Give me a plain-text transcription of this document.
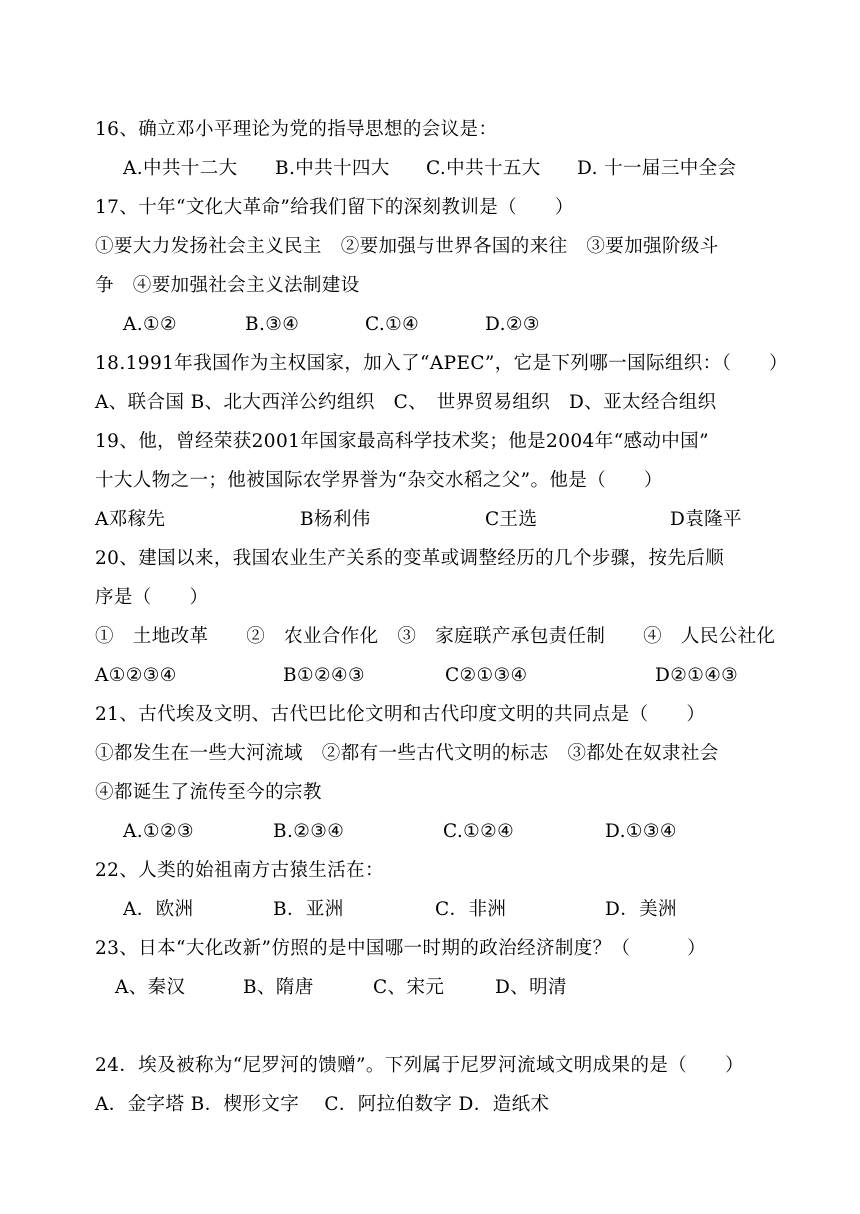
16、确立邓小平理论为党的指导思想的会议是：
A.中共十二大 B.中共十四大 C.中共十五大 D. 十一届三中全会
17、十年“文化大革命”给我们留下的深刻教训是（　　）
①要大力发扬社会主义民主　②要加强与世界各国的来往　③要加强阶级斗
争　④要加强社会主义法制建设
A.①②	B.③④	C.①④	D.②③
18.1991年我国作为主权国家，加入了“APEC”，它是下列哪一国际组织：（　　）
A、联合国 B、北大西洋公约组织　C、　世界贸易组织　D、亚太经合组织
19、他，曾经荣获2001年国家最高科学技术奖；他是2004年“感动中国”
十大人物之一；他被国际农学界誉为“杂交水稻之父”。他是（　　）
A邓稼先	B杨利伟	C王选	D袁隆平
20、建国以来，我国农业生产关系的变革或调整经历的几个步骤，按先后顺
序是（　　）
①　土地改革　　②　农业合作化　③　家庭联产承包责任制　　④　人民公社化
A①②③④	B①②④③	C②①③④	D②①④③
21、古代埃及文明、古代巴比伦文明和古代印度文明的共同点是（　　）
①都发生在一些大河流域　②都有一些古代文明的标志　③都处在奴隶社会
④都诞生了流传至今的宗教
A.①②③	B.②③④	C.①②④	D.①③④
22、人类的始祖南方古猿生活在：
A．欧洲	B．亚洲	C．非洲	D．美洲
23、日本“大化改新”仿照的是中国哪一时期的政治经济制度？（　　　）
A、秦汉	B、隋唐	C、宋元	D、明清
24．埃及被称为“尼罗河的馈赠”。下列属于尼罗河流域文明成果的是（　　）
A．金字塔 B．楔形文字　 C．阿拉伯数字 D．造纸术
